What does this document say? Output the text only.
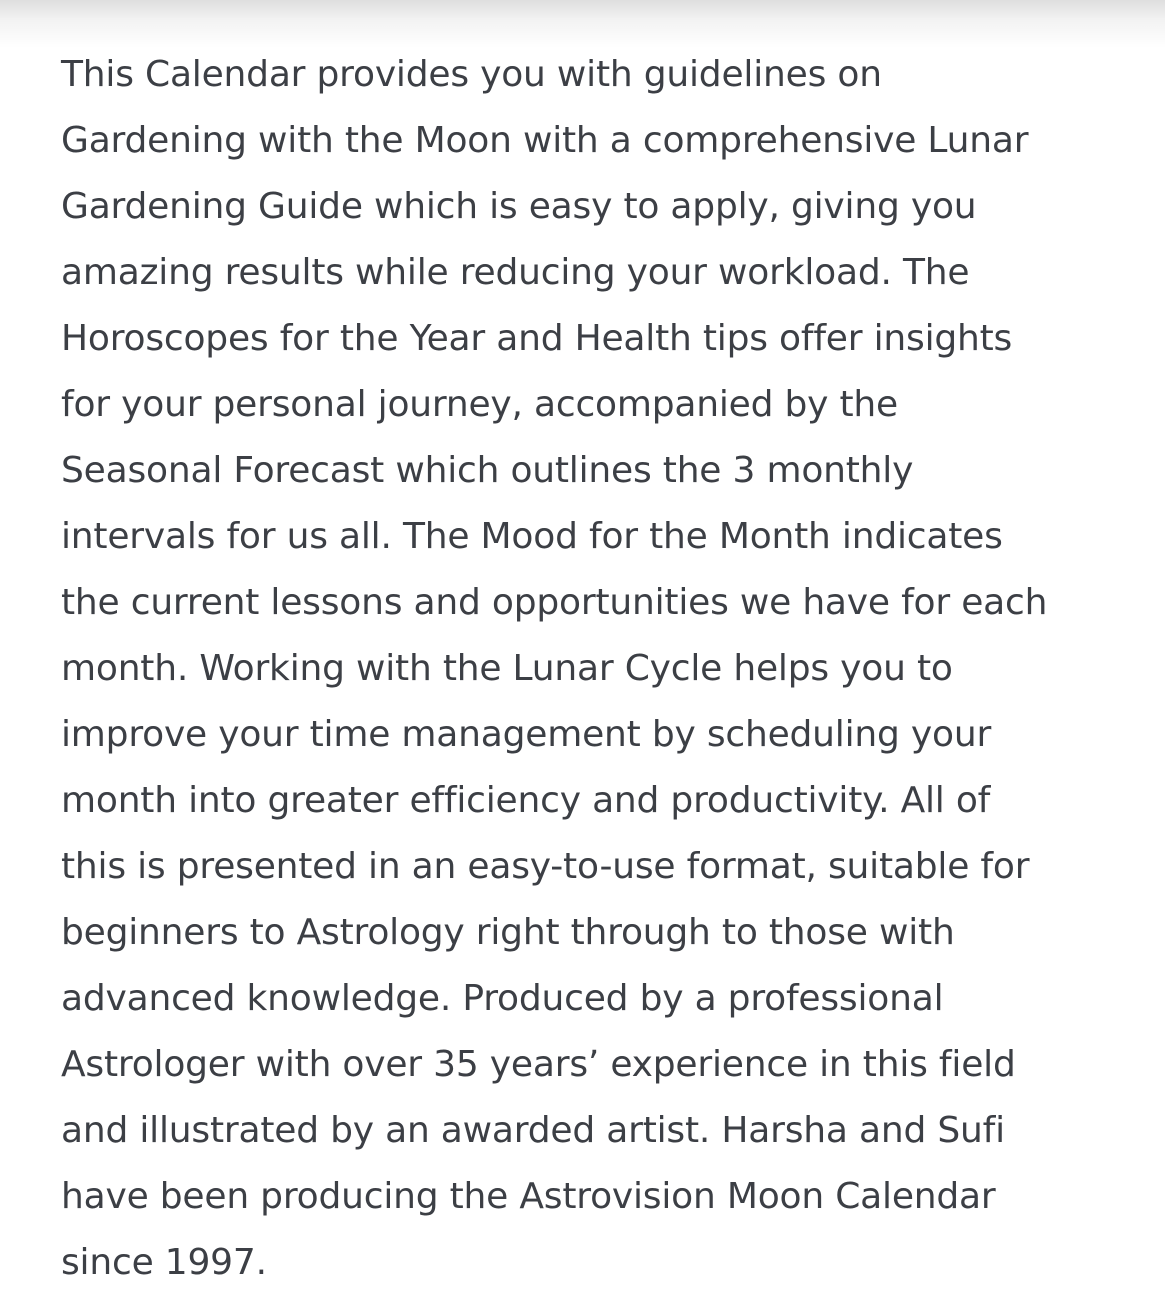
This Calendar provides you with guidelines on
Gardening with the Moon with a comprehensive Lunar
Gardening Guide which is easy to apply, giving you
amazing results while reducing your workload. The
Horoscopes for the Year and Health tips offer insights
for your personal journey, accompanied by the
Seasonal Forecast which outlines the 3 monthly
intervals for us all. The Mood for the Month indicates
the current lessons and opportunities we have for each
month. Working with the Lunar Cycle helps you to
improve your time management by scheduling your
month into greater efficiency and productivity. All of
this is presented in an easy-to-use format, suitable for
beginners to Astrology right through to those with
advanced knowledge. Produced by a professional
Astrologer with over 35 years’ experience in this field
and illustrated by an awarded artist. Harsha and Sufi
have been producing the Astrovision Moon Calendar
since 1997.
